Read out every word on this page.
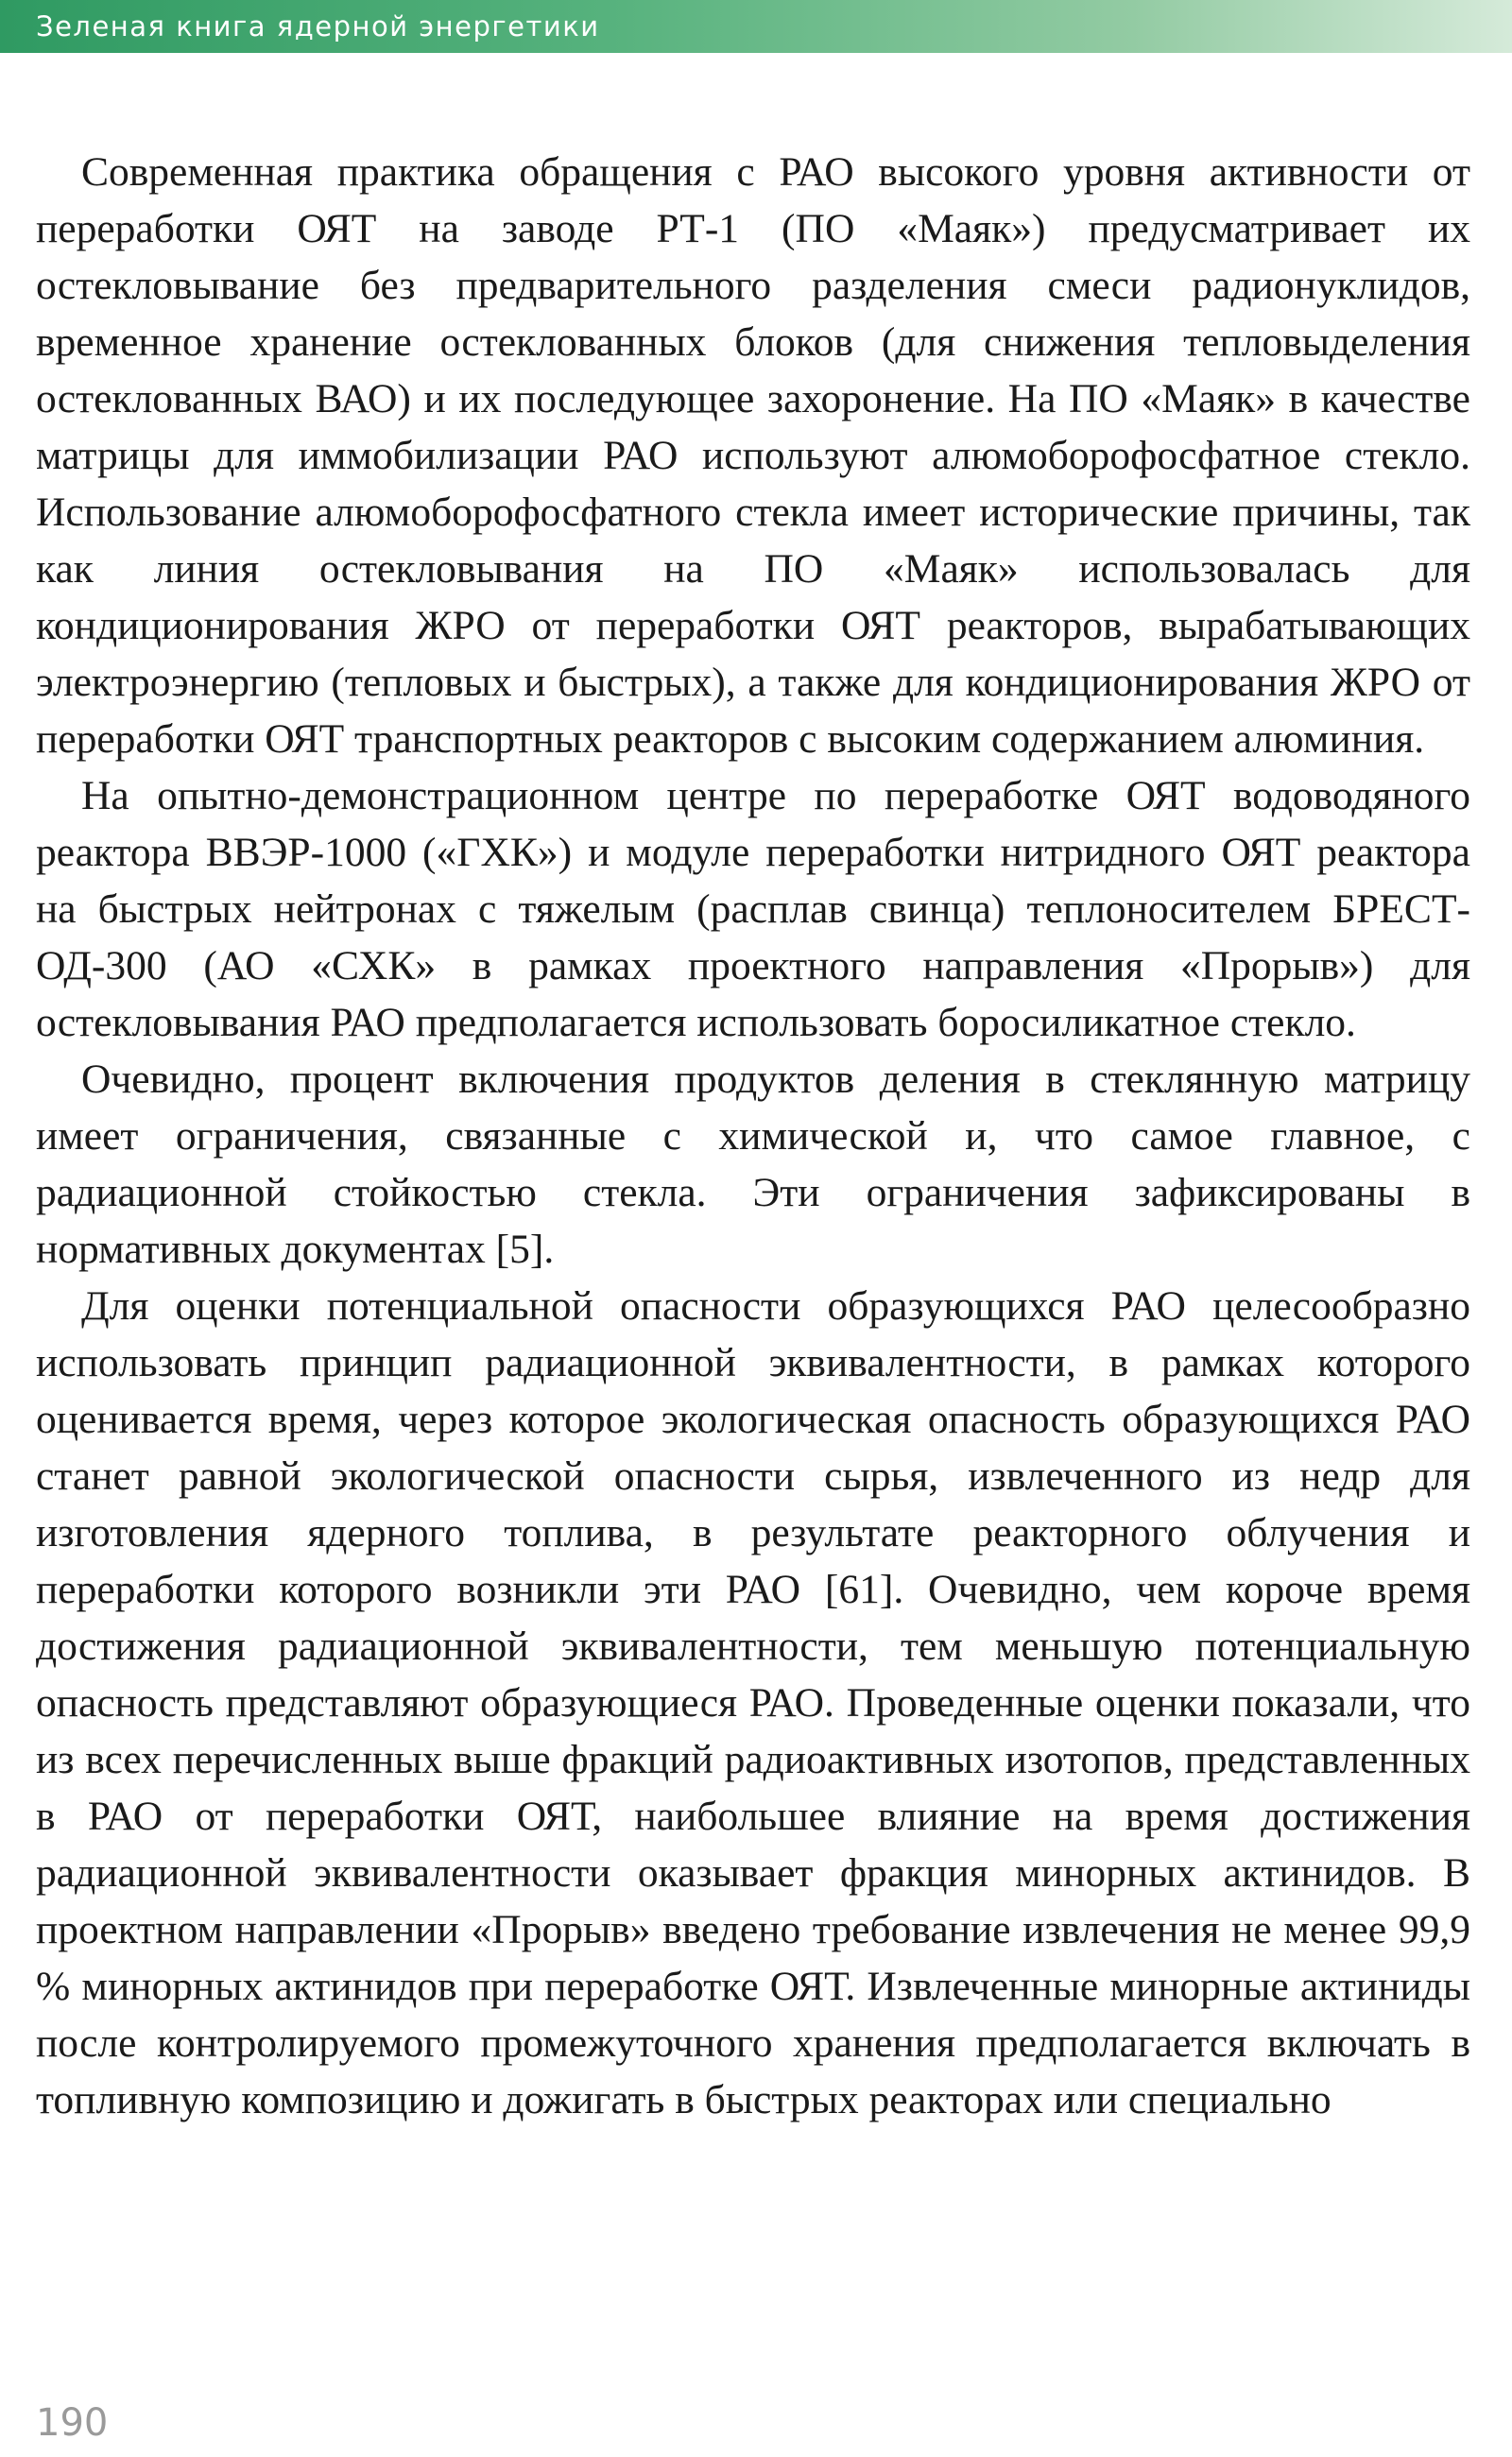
Зеленая книга ядерной энергетики

Современная практика обращения с РАО высокого уровня активности от переработки ОЯТ на заводе РТ-1 (ПО «Маяк») предусматривает их остекловывание без предварительного разделения смеси радионуклидов, временное хранение остеклованных блоков (для снижения тепловыделения остеклованных ВАО) и их последующее захоронение. На ПО «Маяк» в качестве матрицы для иммобилизации РАО используют алюмоборофосфатное стекло. Использование алюмоборофосфатного стекла имеет исторические причины, так как линия остекловывания на ПО «Маяк» использовалась для кондиционирования ЖРО от переработки ОЯТ реакторов, вырабатывающих электроэнергию (тепловых и быстрых), а также для кондиционирования ЖРО от переработки ОЯТ транспортных реакторов с высоким содержанием алюминия.

На опытно-демонстрационном центре по переработке ОЯТ водоводяного реактора ВВЭР-1000 («ГХК») и модуле переработки нитридного ОЯТ реактора на быстрых нейтронах с тяжелым (расплав свинца) теплоносителем БРЕСТ-ОД-300 (АО «СХК» в рамках проектного направления «Прорыв») для остекловывания РАО предполагается использовать боросиликатное стекло.

Очевидно, процент включения продуктов деления в стеклянную матрицу имеет ограничения, связанные с химической и, что самое главное, с радиационной стойкостью стекла. Эти ограничения зафиксированы в нормативных документах [5].

Для оценки потенциальной опасности образующихся РАО целесообразно использовать принцип радиационной эквивалентности, в рамках которого оценивается время, через которое экологическая опасность образующихся РАО станет равной экологической опасности сырья, извлеченного из недр для изготовления ядерного топлива, в результате реакторного облучения и переработки которого возникли эти РАО [61]. Очевидно, чем короче время достижения радиационной эквивалентности, тем меньшую потенциальную опасность представляют образующиеся РАО. Проведенные оценки показали, что из всех перечисленных выше фракций радиоактивных изотопов, представленных в РАО от переработки ОЯТ, наибольшее влияние на время достижения радиационной эквивалентности оказывает фракция минорных актинидов. В проектном направлении «Прорыв» введено требование извлечения не менее 99,9 % минорных актинидов при переработке ОЯТ. Извлеченные минорные актиниды после контролируемого промежуточного хранения предполагается включать в топливную композицию и дожигать в быстрых реакторах или специально

190
